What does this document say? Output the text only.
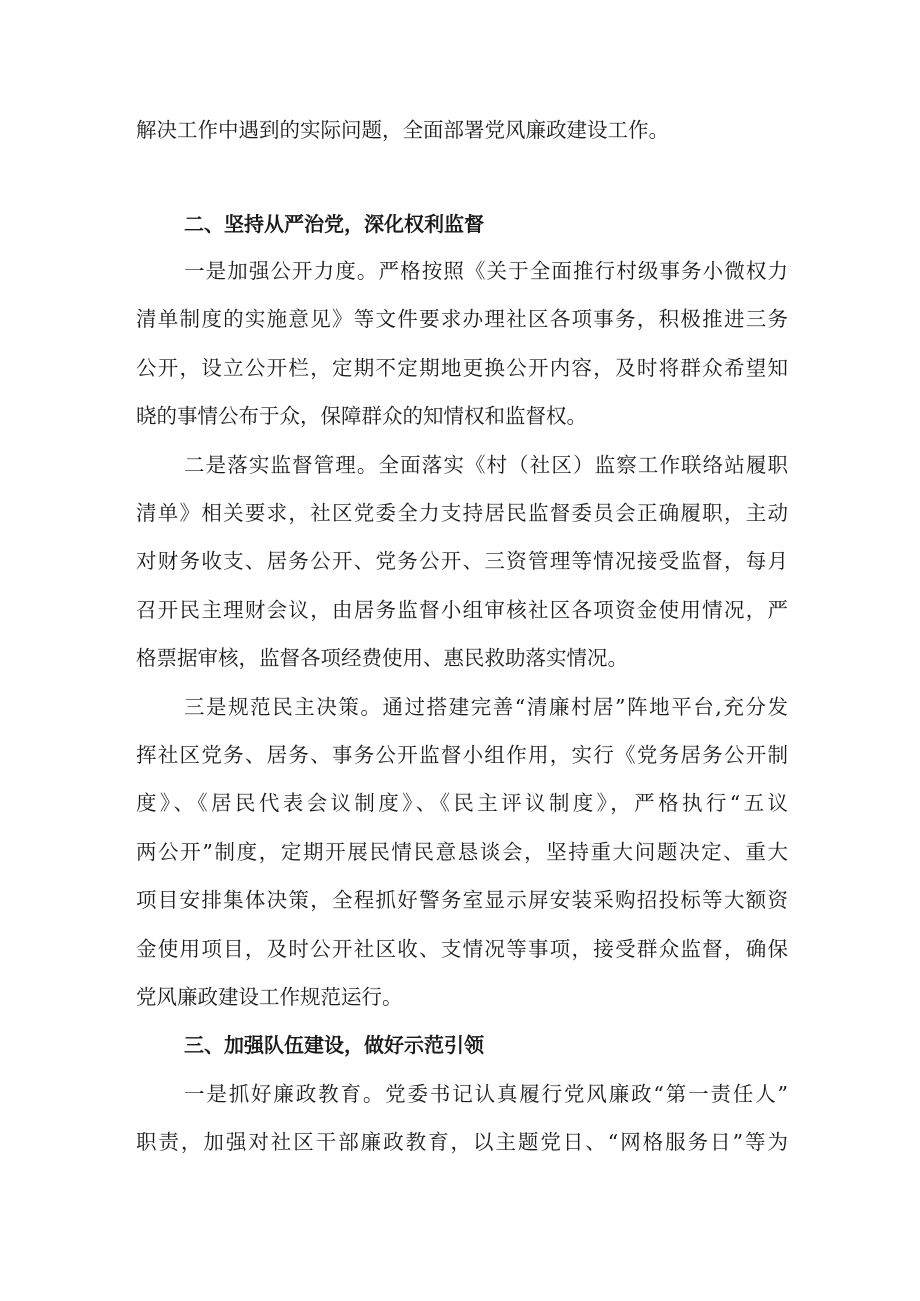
解决工作中遇到的实际问题，全面部署党风廉政建设工作。

二、坚持从严治党，深化权利监督

一是加强公开力度。严格按照《关于全面推行村级事务小微权力

清单制度的实施意见》等文件要求办理社区各项事务，积极推进三务

公开，设立公开栏，定期不定期地更换公开内容，及时将群众希望知

晓的事情公布于众，保障群众的知情权和监督权。

二是落实监督管理。全面落实《村（社区）监察工作联络站履职

清单》相关要求，社区党委全力支持居民监督委员会正确履职，主动

对财务收支、居务公开、党务公开、三资管理等情况接受监督，每月

召开民主理财会议，由居务监督小组审核社区各项资金使用情况，严

格票据审核，监督各项经费使用、惠民救助落实情况。

三是规范民主决策。通过搭建完善“清廉村居”阵地平台,充分发

挥社区党务、居务、事务公开监督小组作用，实行《党务居务公开制

度》、《居民代表会议制度》、《民主评议制度》，严格执行“五议

两公开”制度，定期开展民情民意恳谈会，坚持重大问题决定、重大

项目安排集体决策，全程抓好警务室显示屏安装采购招投标等大额资

金使用项目，及时公开社区收、支情况等事项，接受群众监督，确保

党风廉政建设工作规范运行。

三、加强队伍建设，做好示范引领

一是抓好廉政教育。党委书记认真履行党风廉政“第一责任人”

职责，加强对社区干部廉政教育，以主题党日、“网格服务日”等为
